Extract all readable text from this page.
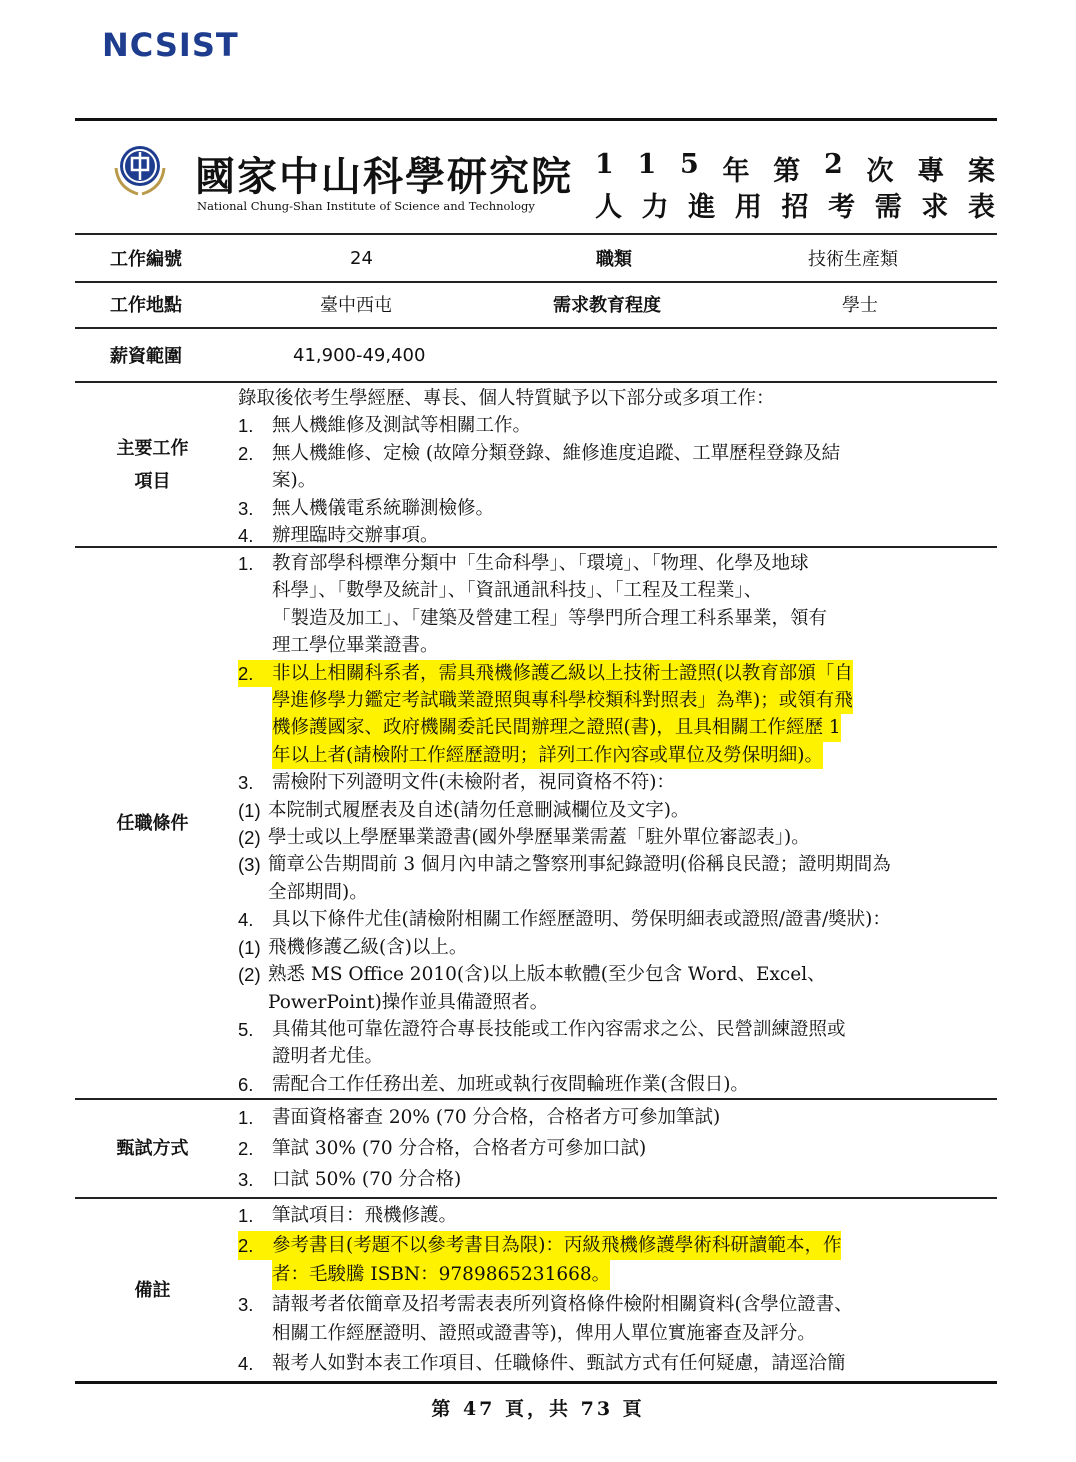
NCSIST
國家中山科學研究院
National Chung-Shan Institute of Science and Technology
1 1 5 年 第 2 次 專 案
人 力 進 用 招 考 需 求 表
工作編號	24	職類	技術生產類
工作地點	臺中西屯	需求教育程度	學士
薪資範圍	41,900-49,400
主要工作
項目
錄取後依考生學經歷、專長、個人特質賦予以下部分或多項工作：
1.	無人機維修及測試等相關工作。
2.	無人機維修、定檢 (故障分類登錄、維修進度追蹤、工單歷程登錄及結
案)。
3.	無人機儀電系統聯測檢修。
4.	辦理臨時交辦事項。
任職條件
1.	教育部學科標準分類中「生命科學」、「環境」、「物理、化學及地球
科學」、「數學及統計」、「資訊通訊科技」、「工程及工程業」、
「製造及加工」、「建築及營建工程」等學門所合理工科系畢業，領有
理工學位畢業證書。
2.	非以上相關科系者，需具飛機修護乙級以上技術士證照(以教育部頒「自
學進修學力鑑定考試職業證照與專科學校類科對照表」為準)；或領有飛
機修護國家、政府機關委託民間辦理之證照(書)，且具相關工作經歷 1
年以上者(請檢附工作經歷證明；詳列工作內容或單位及勞保明細)。
3.	需檢附下列證明文件(未檢附者，視同資格不符)：
(1) 本院制式履歷表及自述(請勿任意刪減欄位及文字)。
(2) 學士或以上學歷畢業證書(國外學歷畢業需蓋「駐外單位審認表」)。
(3) 簡章公告期間前 3 個月內申請之警察刑事紀錄證明(俗稱良民證；證明期間為
全部期間)。
4.	具以下條件尤佳(請檢附相關工作經歷證明、勞保明細表或證照/證書/獎狀)：
(1) 飛機修護乙級(含)以上。
(2) 熟悉 MS Office 2010(含)以上版本軟體(至少包含 Word、Excel、
PowerPoint)操作並具備證照者。
5.	具備其他可靠佐證符合專長技能或工作內容需求之公、民營訓練證照或
證明者尤佳。
6.	需配合工作任務出差、加班或執行夜間輪班作業(含假日)。
甄試方式
1.	書面資格審查 20% (70 分合格，合格者方可參加筆試)
2.	筆試 30% (70 分合格，合格者方可參加口試)
3.	口試 50% (70 分合格)
備註
1.	筆試項目：飛機修護。
2.	參考書目(考題不以參考書目為限)：丙級飛機修護學術科研讀範本，作
者：毛駿騰 ISBN：9789865231668。
3.	請報考者依簡章及招考需表表所列資格條件檢附相關資料(含學位證書、
相關工作經歷證明、證照或證書等)，俾用人單位實施審查及評分。
4.	報考人如對本表工作項目、任職條件、甄試方式有任何疑慮，請逕洽簡
第 47 頁，共 73 頁
